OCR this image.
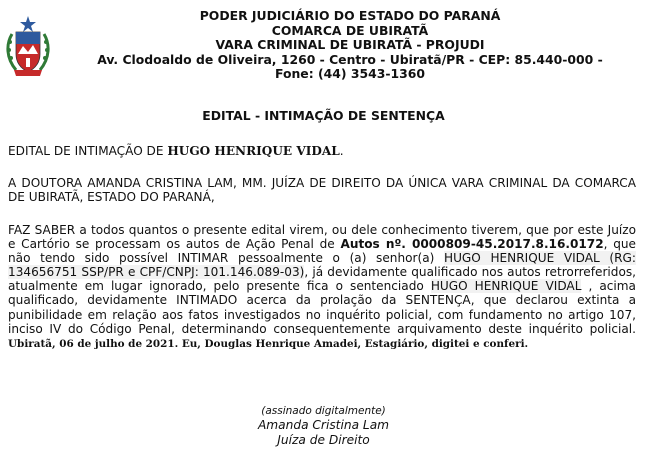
PODER JUDICIÁRIO DO ESTADO DO PARANÁ
COMARCA DE UBIRATÃ
VARA CRIMINAL DE UBIRATÃ - PROJUDI
Av. Clodoaldo de Oliveira, 1260 - Centro - Ubiratã/PR - CEP: 85.440-000 -
Fone: (44) 3543-1360
EDITAL - INTIMAÇÃO DE SENTENÇA
EDITAL DE INTIMAÇÃO DE HUGO HENRIQUE VIDAL.
A DOUTORA AMANDA CRISTINA LAM, MM. JUÍZA DE DIREITO DA ÚNICA VARA CRIMINAL DA COMARCA DE UBIRATÃ, ESTADO DO PARANÁ,
FAZ SABER a todos quantos o presente edital virem, ou dele conhecimento tiverem, que por este Juízo e Cartório se processam os autos de Ação Penal de Autos nº. 0000809-45.2017.8.16.0172, que não tendo sido possível INTIMAR pessoalmente o (a) senhor(a) HUGO HENRIQUE VIDAL (RG: 134656751 SSP/PR e CPF/CNPJ: 101.146.089-03), já devidamente qualificado nos autos retrorreferidos, atualmente em lugar ignorado, pelo presente fica o sentenciado HUGO HENRIQUE VIDAL , acima qualificado, devidamente INTIMADO acerca da prolação da SENTENÇA, que declarou extinta a punibilidade em relação aos fatos investigados no inquérito policial, com fundamento no artigo 107, inciso IV do Código Penal, determinando consequentemente arquivamento deste inquérito policial. Ubiratã, 06 de julho de 2021. Eu, Douglas Henrique Amadei, Estagiário, digitei e conferi.
(assinado digitalmente)
Amanda Cristina Lam
Juíza de Direito
